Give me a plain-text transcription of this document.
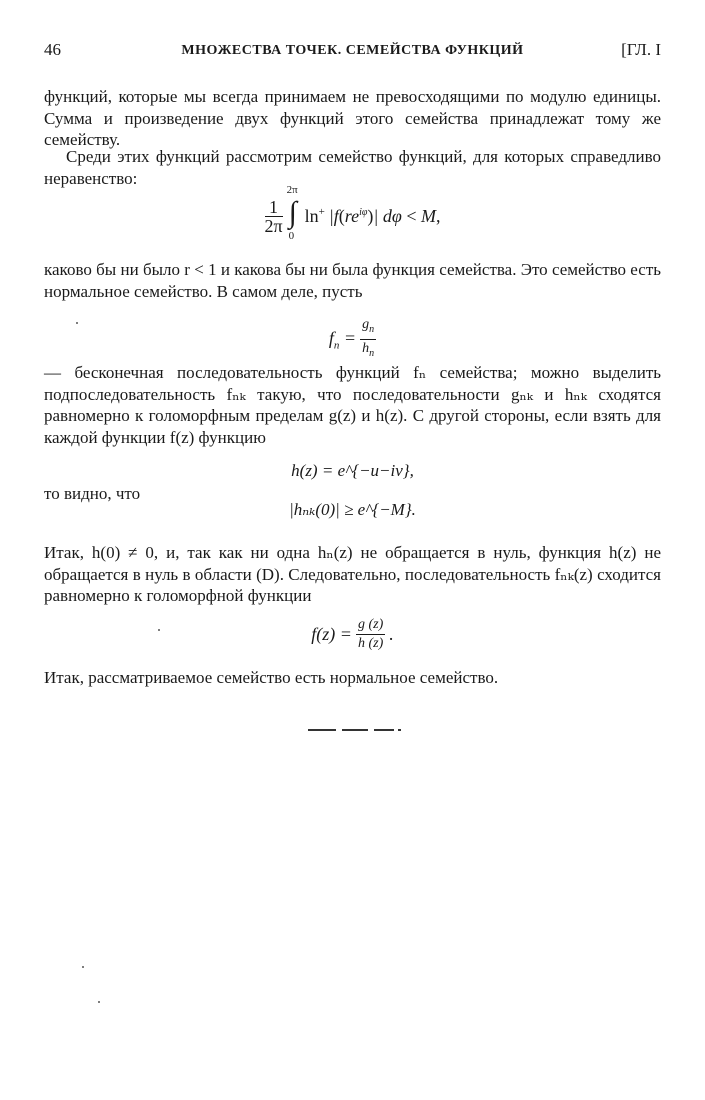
46	МНОЖЕСТВА ТОЧЕК. СЕМЕЙСТВА ФУНКЦИЙ	[ГЛ. I
функций, которые мы всегда принимаем не превосходящими по модулю единицы. Сумма и произведение двух функций этого семейства принадлежат тому же семейству.
Среди этих функций рассмотрим семейство функций, для которых справедливо неравенство:
$\frac{1}{2\pi}$
2π
∫
0
$\ln^+ |f(re^{i\varphi})|$ dφ < M,
каково бы ни было r < 1 и какова бы ни была функция семейства. Это семейство есть нормальное семейство. В самом деле, пусть
$f_n = \frac{g_n}{h_n}$
— бесконечная последовательность функций fₙ семейства; можно выделить подпоследовательность fₙₖ такую, что последовательности gₙₖ и hₙₖ сходятся равномерно к голоморфным пределам g(z) и h(z). С другой стороны, если взять для каждой функции f(z) функцию
h(z) = e^{−u−iv},
то видно, что
|hₙₖ(0)| ≥ e^{−M}.
Итак, h(0) ≠ 0, и, так как ни одна hₙ(z) не обращается в нуль, функция h(z) не обращается в нуль в области (D). Следовательно, последовательность fₙₖ(z) сходится равномерно к голоморфной функции
$f(z) = \frac{g (z)}{h (z)}$ .
Итак, рассматриваемое семейство есть нормальное семейство.
